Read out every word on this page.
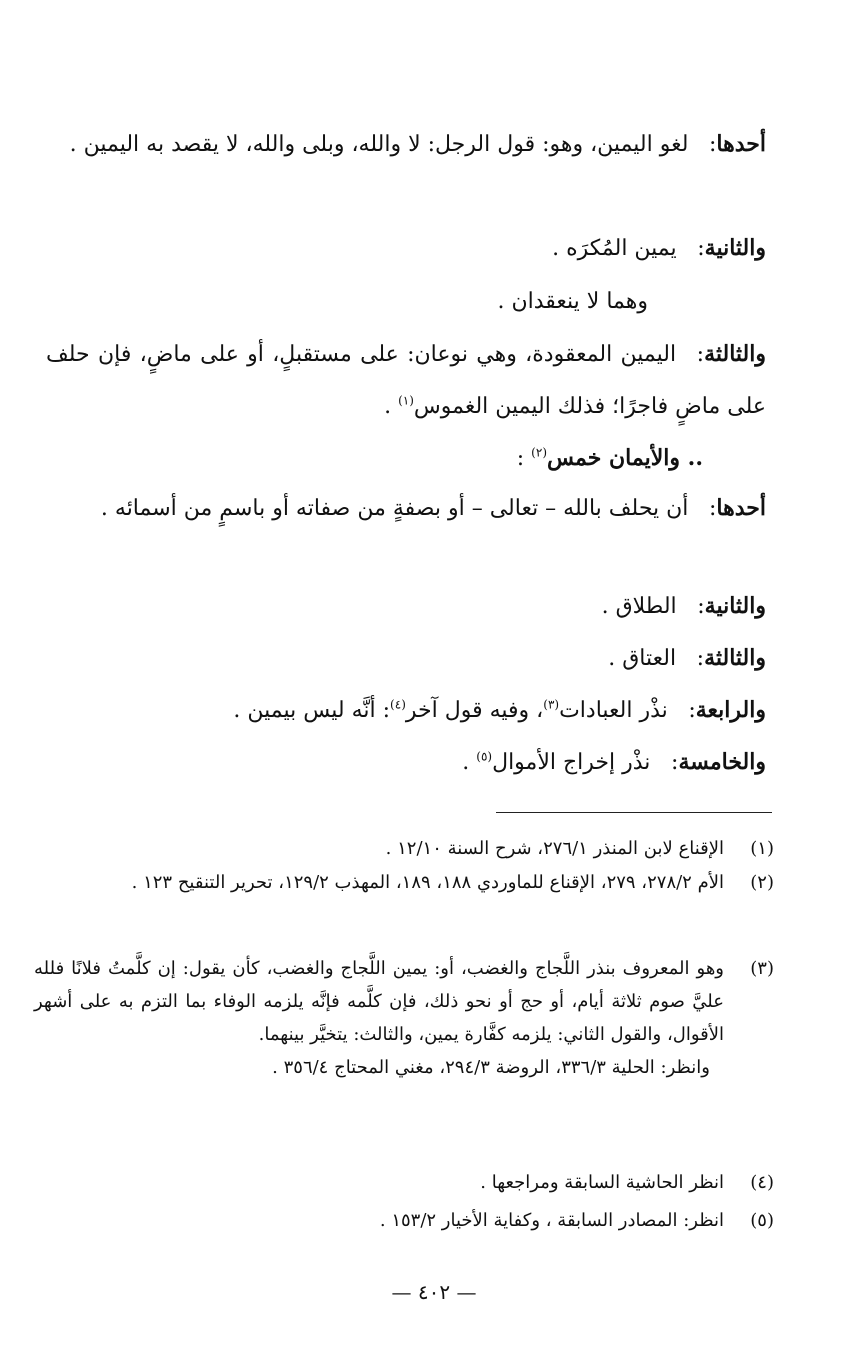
أحدها:لغو اليمين، وهو: قول الرجل: لا والله، وبلى والله، لا يقصد به اليمين .
والثانية:يمين المُكرَه .
وهما لا ينعقدان .
والثالثة:اليمين المعقودة، وهي نوعان: على مستقبلٍ، أو على ماضٍ، فإن حلف على ماضٍ فاجرًا؛ فذلك اليمين الغموس$^{(١)}$ .
.. والأيمان خمس$^{(٢)}$ :
أحدها:أن يحلف بالله – تعالى – أو بصفةٍ من صفاته أو باسمٍ من أسمائه .
والثانية:الطلاق .
والثالثة:العتاق .
والرابعة:نذْر العبادات$^{(٣)}$، وفيه قول آخر$^{(٤)}$: أنَّه ليس بيمين .
والخامسة:نذْر إخراج الأموال$^{(٥)}$ .
(١)
الإقناع لابن المنذر ٢٧٦/١، شرح السنة ١٢/١٠ .
(٢)
الأم ٢٧٨/٢، ٢٧٩، الإقناع للماوردي ١٨٨، ١٨٩، المهذب ١٢٩/٢، تحرير التنقيح ١٢٣ .
(٣)
وهو المعروف بنذر اللَّجاج والغضب، أو: يمين اللَّجاج والغضب، كأن يقول: إن كلَّمتُ فلانًا فلله عليَّ صوم ثلاثة أيام، أو حج أو نحو ذلك، فإن كلَّمه فإنَّه يلزمه الوفاء بما التزم به على أشهر الأقوال، والقول الثاني: يلزمه كفَّارة يمين، والثالث: يتخيَّر بينهما.
وانظر: الحلية ٣٣٦/٣، الروضة ٢٩٤/٣، مغني المحتاج ٣٥٦/٤ .
(٤)
انظر الحاشية السابقة ومراجعها .
(٥)
انظر: المصادر السابقة ، وكفاية الأخيار ١٥٣/٢ .
— ٤٠٢ —
